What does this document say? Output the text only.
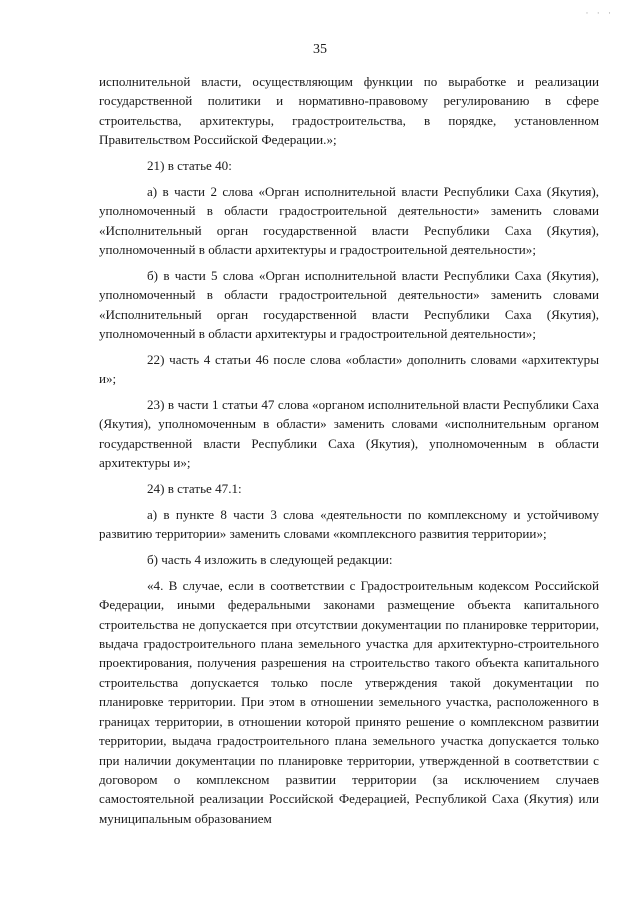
· · ·
35

исполнительной власти, осуществляющим функции по выработке и реализации государственной политики и нормативно-правовому регулированию в сфере строительства, архитектуры, градостроительства, в порядке, установленном Правительством Российской Федерации.»;

21) в статье 40:

а) в части 2 слова «Орган исполнительной власти Республики Саха (Якутия), уполномоченный в области градостроительной деятельности» заменить словами «Исполнительный орган государственной власти Республики Саха (Якутия), уполномоченный в области архитектуры и градостроительной деятельности»;

б) в части 5 слова «Орган исполнительной власти Республики Саха (Якутия), уполномоченный в области градостроительной деятельности» заменить словами «Исполнительный орган государственной власти Республики Саха (Якутия), уполномоченный в области архитектуры и градостроительной деятельности»;

22) часть 4 статьи 46 после слова «области» дополнить словами «архитектуры и»;

23) в части 1 статьи 47 слова «органом исполнительной власти Республики Саха (Якутия), уполномоченным в области» заменить словами «исполнительным органом государственной власти Республики Саха (Якутия), уполномоченным в области архитектуры и»;

24) в статье 47.1:

а) в пункте 8 части 3 слова «деятельности по комплексному и устойчивому развитию территории» заменить словами «комплексного развития территории»;

б) часть 4 изложить в следующей редакции:

«4. В случае, если в соответствии с Градостроительным кодексом Российской Федерации, иными федеральными законами размещение объекта капитального строительства не допускается при отсутствии документации по планировке территории, выдача градостроительного плана земельного участка для архитектурно-строительного проектирования, получения разрешения на строительство такого объекта капитального строительства допускается только после утверждения такой документации по планировке территории. При этом в отношении земельного участка, расположенного в границах территории, в отношении которой принято решение о комплексном развитии территории, выдача градостроительного плана земельного участка допускается только при наличии документации по планировке территории, утвержденной в соответствии с договором о комплексном развитии территории (за исключением случаев самостоятельной реализации Российской Федерацией, Республикой Саха (Якутия) или муниципальным образованием
